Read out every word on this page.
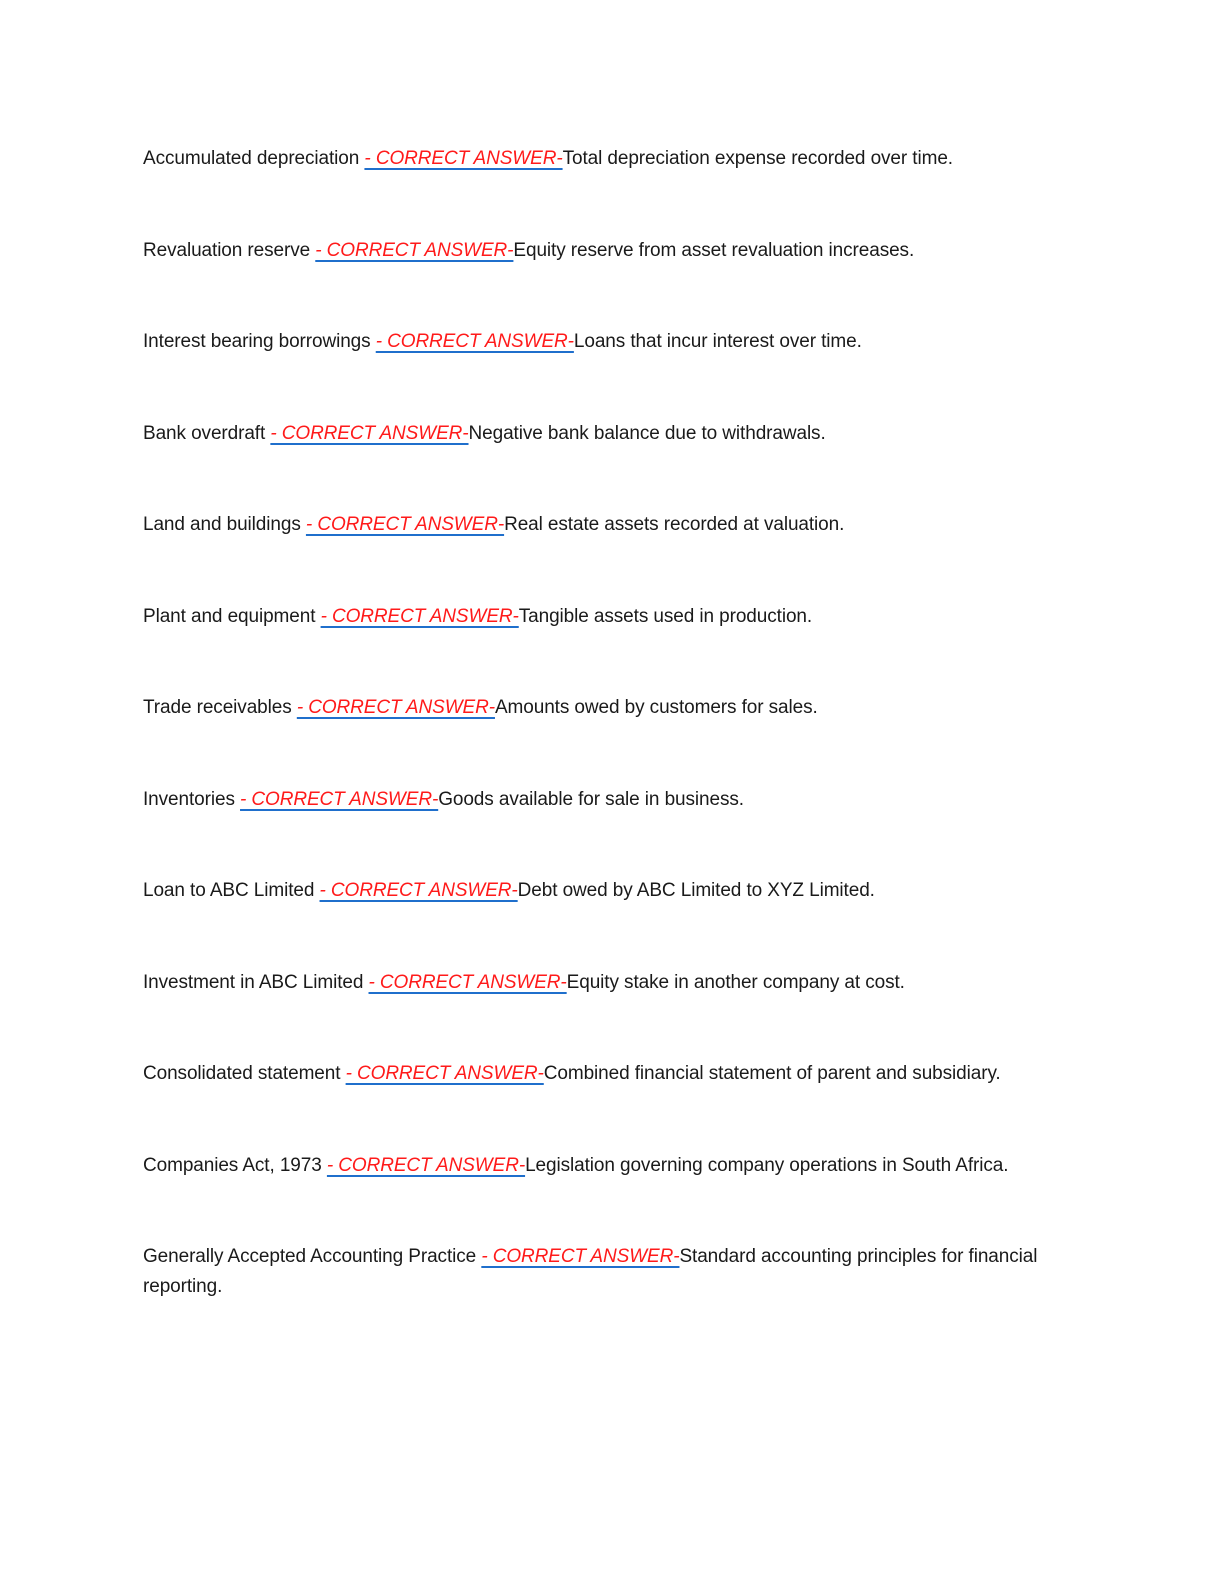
Accumulated depreciation - CORRECT ANSWER-Total depreciation expense recorded over time.

Revaluation reserve - CORRECT ANSWER-Equity reserve from asset revaluation increases.

Interest bearing borrowings - CORRECT ANSWER-Loans that incur interest over time.

Bank overdraft - CORRECT ANSWER-Negative bank balance due to withdrawals.

Land and buildings - CORRECT ANSWER-Real estate assets recorded at valuation.

Plant and equipment - CORRECT ANSWER-Tangible assets used in production.

Trade receivables - CORRECT ANSWER-Amounts owed by customers for sales.

Inventories - CORRECT ANSWER-Goods available for sale in business.

Loan to ABC Limited - CORRECT ANSWER-Debt owed by ABC Limited to XYZ Limited.

Investment in ABC Limited - CORRECT ANSWER-Equity stake in another company at cost.

Consolidated statement - CORRECT ANSWER-Combined financial statement of parent and subsidiary.

Companies Act, 1973 - CORRECT ANSWER-Legislation governing company operations in South Africa.

Generally Accepted Accounting Practice - CORRECT ANSWER-Standard accounting principles for financial reporting.
